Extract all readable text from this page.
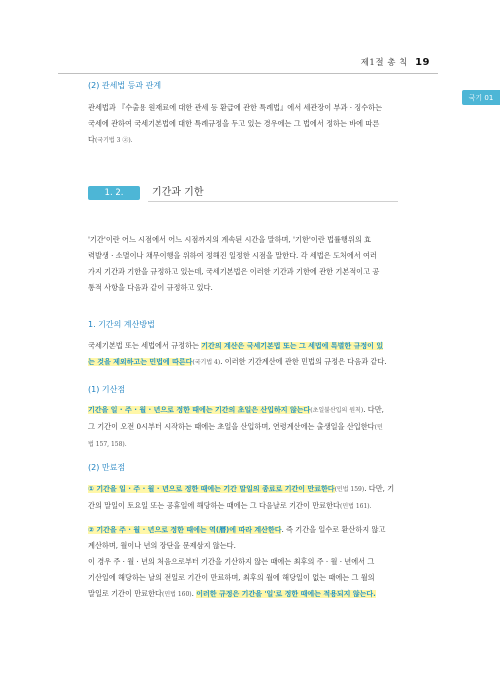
제1절 총 칙 19
국기 01
(2) 관세법 등과 관계
관세법과 『수출용 원재료에 대한 관세 등 환급에 관한 특례법』에서 세관장이 부과 · 징수하는
국세에 관하여 국세기본법에 대한 특례규정을 두고 있는 경우에는 그 법에서 정하는 바에 따른
다(국기법 3 ②).
1. 2.	기간과 기한
'기간'이란 어느 시점에서 어느 시점까지의 계속된 시간을 말하며, '기한'이란 법률행위의 효
력발생 · 소멸이나 채무이행을 위하여 정해진 일정한 시점을 말한다. 각 세법은 도처에서 여러
가지 기간과 기한을 규정하고 있는데, 국세기본법은 이러한 기간과 기한에 관한 기본적이고 공
통적 사항을 다음과 같이 규정하고 있다.
1. 기간의 계산방법
국세기본법 또는 세법에서 규정하는 기간의 계산은 국세기본법 또는 그 세법에 특별한 규정이 있
는 것을 제외하고는 민법에 따른다(국기법 4). 이러한 기간계산에 관한 민법의 규정은 다음과 같다.
(1) 기산점
기간을 일 · 주 · 월 · 년으로 정한 때에는 기간의 초일은 산입하지 않는다(초일불산입의 원칙). 다만,
그 기간이 오전 0시부터 시작하는 때에는 초일을 산입하며, 연령계산에는 출생일을 산입한다(민
법 157, 158).
(2) 만료점
① 기간을 일 · 주 · 월 · 년으로 정한 때에는 기간 말일의 종료로 기간이 만료한다(민법 159). 다만, 기
간의 말일이 토요일 또는 공휴일에 해당하는 때에는 그 다음날로 기간이 만료한다(민법 161).
② 기간을 주 · 월 · 년으로 정한 때에는 역(曆)에 따라 계산한다. 즉 기간을 일수로 환산하지 않고
계산하며, 월이나 년의 장단을 문제삼지 않는다.
이 경우 주 · 월 · 년의 처음으로부터 기간을 기산하지 않는 때에는 최후의 주 · 월 · 년에서 그
기산일에 해당하는 날의 전일로 기간이 만료하며, 최후의 월에 해당일이 없는 때에는 그 월의
말일로 기간이 만료한다(민법 160). 이러한 규정은 기간을 '일'로 정한 때에는 적용되지 않는다.
